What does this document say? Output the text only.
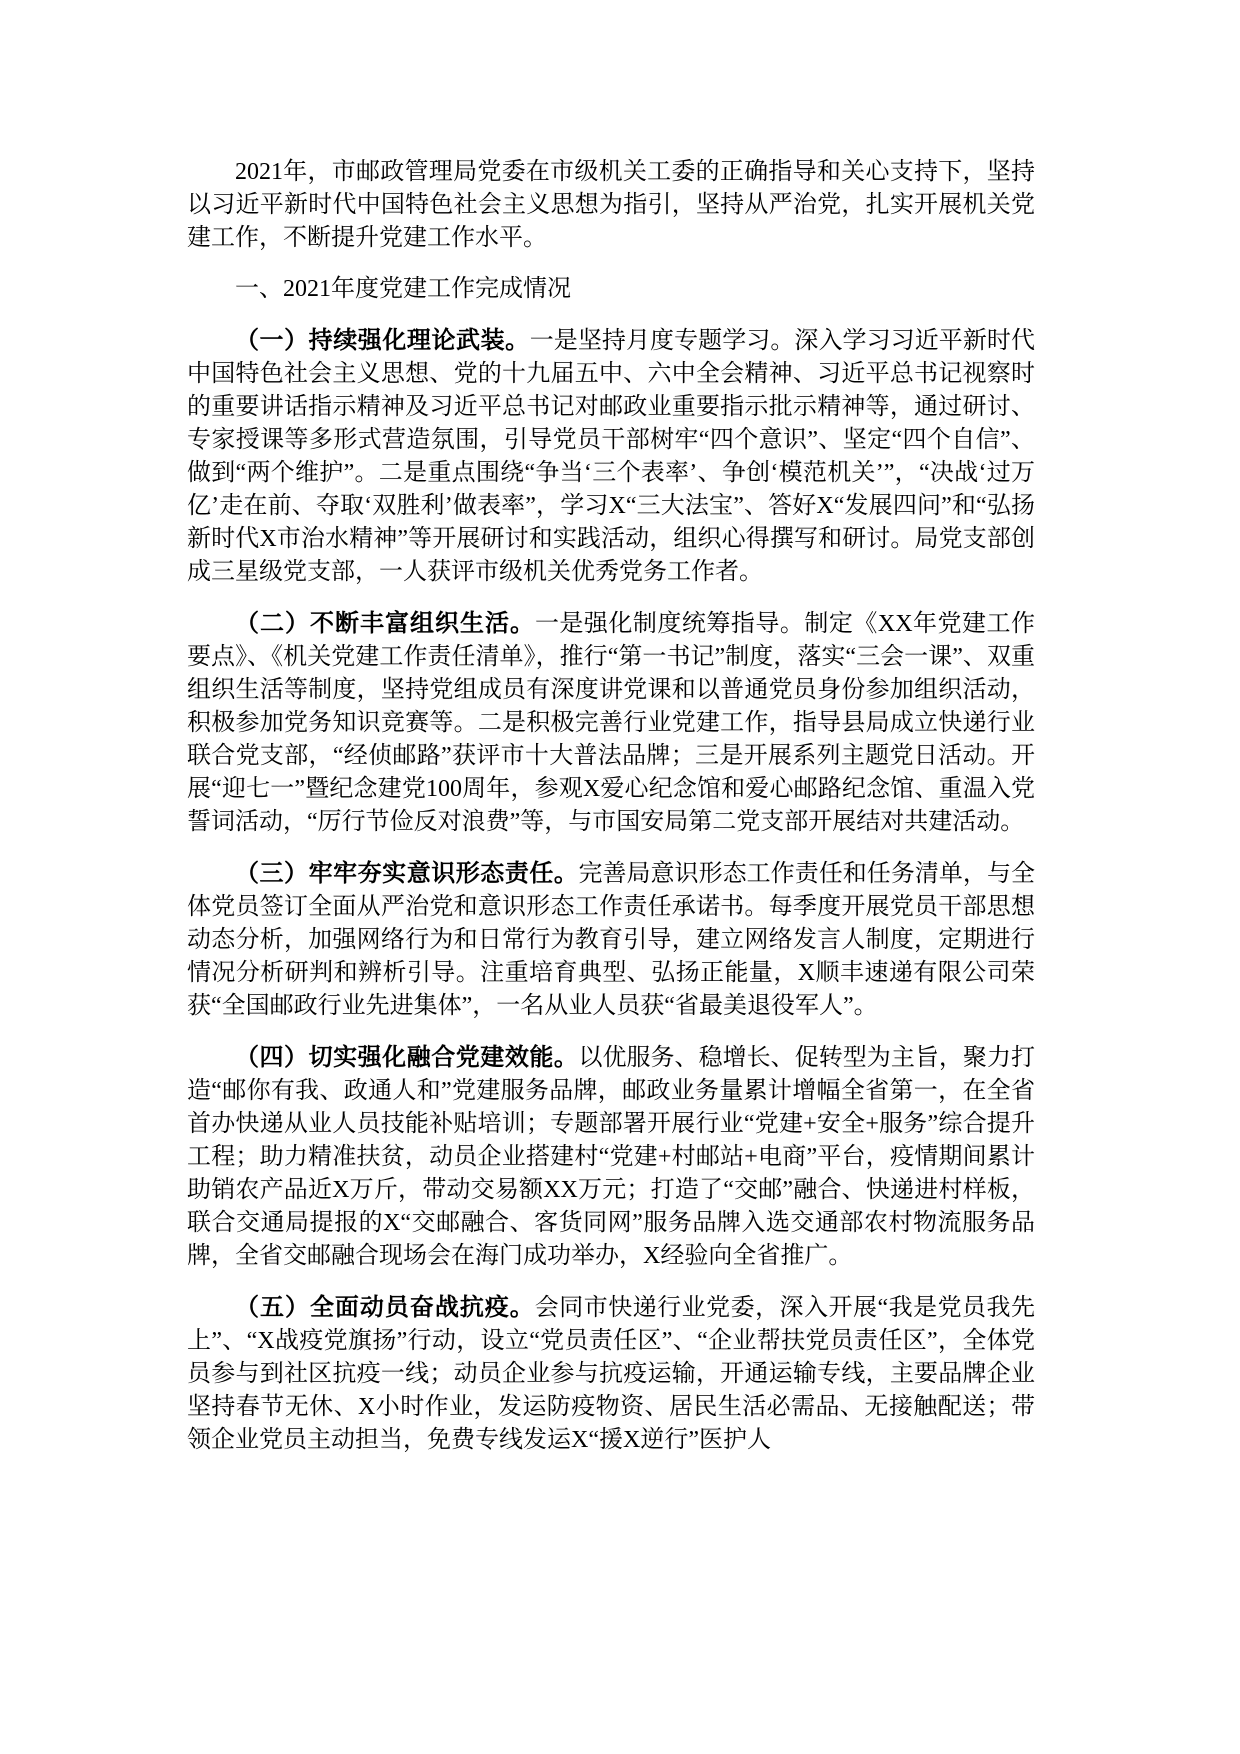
2021年，市邮政管理局党委在市级机关工委的正确指导和关心支持下，坚持以习近平新时代中国特色社会主义思想为指引，坚持从严治党，扎实开展机关党建工作，不断提升党建工作水平。

一、2021年度党建工作完成情况

（一）持续强化理论武装。一是坚持月度专题学习。深入学习习近平新时代中国特色社会主义思想、党的十九届五中、六中全会精神、习近平总书记视察时的重要讲话指示精神及习近平总书记对邮政业重要指示批示精神等，通过研讨、专家授课等多形式营造氛围，引导党员干部树牢“四个意识”、坚定“四个自信”、做到“两个维护”。二是重点围绕“争当‘三个表率’、争创‘模范机关’”，“决战‘过万亿’走在前、夺取‘双胜利’做表率”，学习X“三大法宝”、答好X“发展四问”和“弘扬新时代X市治水精神”等开展研讨和实践活动，组织心得撰写和研讨。局党支部创成三星级党支部，一人获评市级机关优秀党务工作者。

（二）不断丰富组织生活。一是强化制度统筹指导。制定《XX年党建工作要点》、《机关党建工作责任清单》，推行“第一书记”制度，落实“三会一课”、双重组织生活等制度，坚持党组成员有深度讲党课和以普通党员身份参加组织活动，积极参加党务知识竞赛等。二是积极完善行业党建工作，指导县局成立快递行业联合党支部，“经侦邮路”获评市十大普法品牌；三是开展系列主题党日活动。开展“迎七一”暨纪念建党100周年，参观X爱心纪念馆和爱心邮路纪念馆、重温入党誓词活动，“厉行节俭反对浪费”等，与市国安局第二党支部开展结对共建活动。

（三）牢牢夯实意识形态责任。完善局意识形态工作责任和任务清单，与全体党员签订全面从严治党和意识形态工作责任承诺书。每季度开展党员干部思想动态分析，加强网络行为和日常行为教育引导，建立网络发言人制度，定期进行情况分析研判和辨析引导。注重培育典型、弘扬正能量，X顺丰速递有限公司荣获“全国邮政行业先进集体”，一名从业人员获“省最美退役军人”。

（四）切实强化融合党建效能。以优服务、稳增长、促转型为主旨，聚力打造“邮你有我、政通人和”党建服务品牌，邮政业务量累计增幅全省第一，在全省首办快递从业人员技能补贴培训；专题部署开展行业“党建+安全+服务”综合提升工程；助力精准扶贫，动员企业搭建村“党建+村邮站+电商”平台，疫情期间累计助销农产品近X万斤，带动交易额XX万元；打造了“交邮”融合、快递进村样板，联合交通局提报的X“交邮融合、客货同网”服务品牌入选交通部农村物流服务品牌，全省交邮融合现场会在海门成功举办，X经验向全省推广。

（五）全面动员奋战抗疫。会同市快递行业党委，深入开展“我是党员我先上”、“X战疫党旗扬”行动，设立“党员责任区”、“企业帮扶党员责任区”，全体党员参与到社区抗疫一线；动员企业参与抗疫运输，开通运输专线，主要品牌企业坚持春节无休、X小时作业，发运防疫物资、居民生活必需品、无接触配送；带领企业党员主动担当，免费专线发运X“援X逆行”医护人
